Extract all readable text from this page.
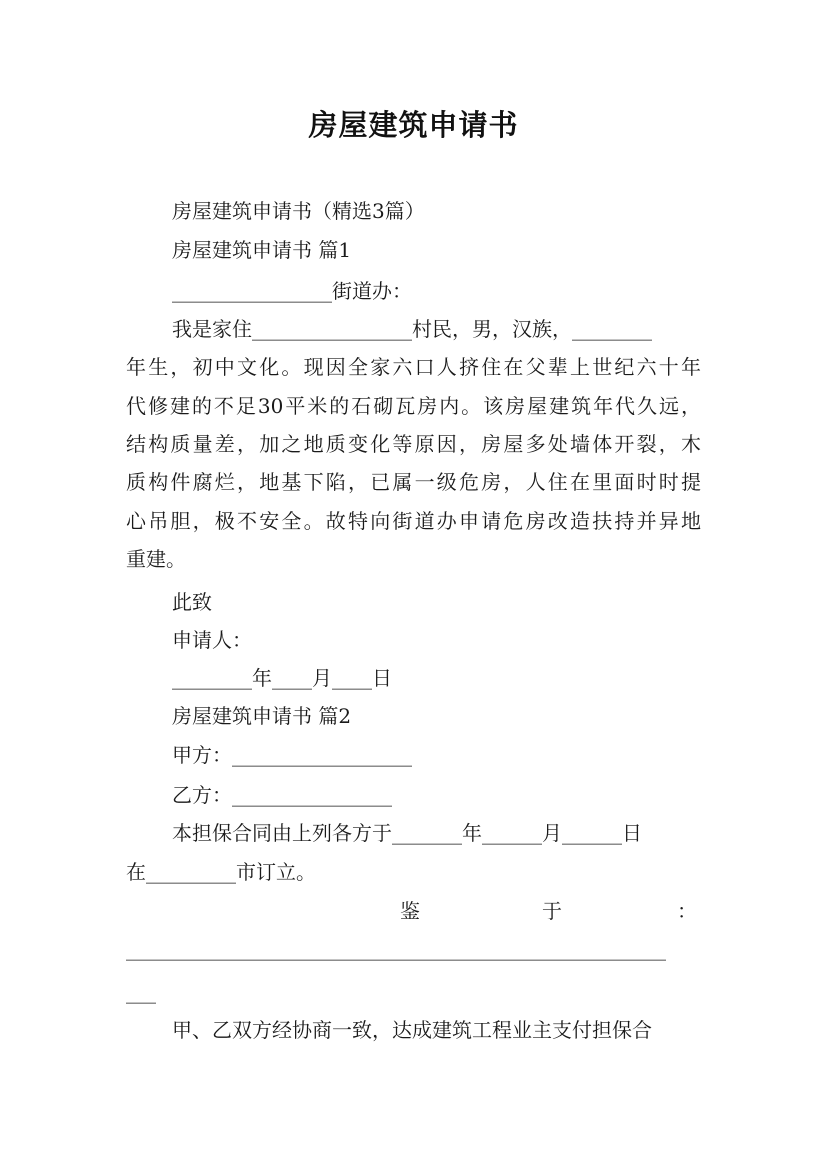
房屋建筑申请书
房屋建筑申请书（精选3篇）
房屋建筑申请书 篇1
________________街道办：
我是家住________________村民，男，汉族，________
年生，初中文化。现因全家六口人挤住在父辈上世纪六十年
代修建的不足30平米的石砌瓦房内。该房屋建筑年代久远，
结构质量差，加之地质变化等原因，房屋多处墙体开裂，木
质构件腐烂，地基下陷，已属一级危房，人住在里面时时提
心吊胆，极不安全。故特向街道办申请危房改造扶持并异地
重建。
此致
申请人：
________年____月____日
房屋建筑申请书 篇2
甲方：__________________
乙方：________________
本担保合同由上列各方于_______年______月______日
在_________市订立。
鉴	于	：
______________________________________________________
___
甲、乙双方经协商一致，达成建筑工程业主支付担保合
